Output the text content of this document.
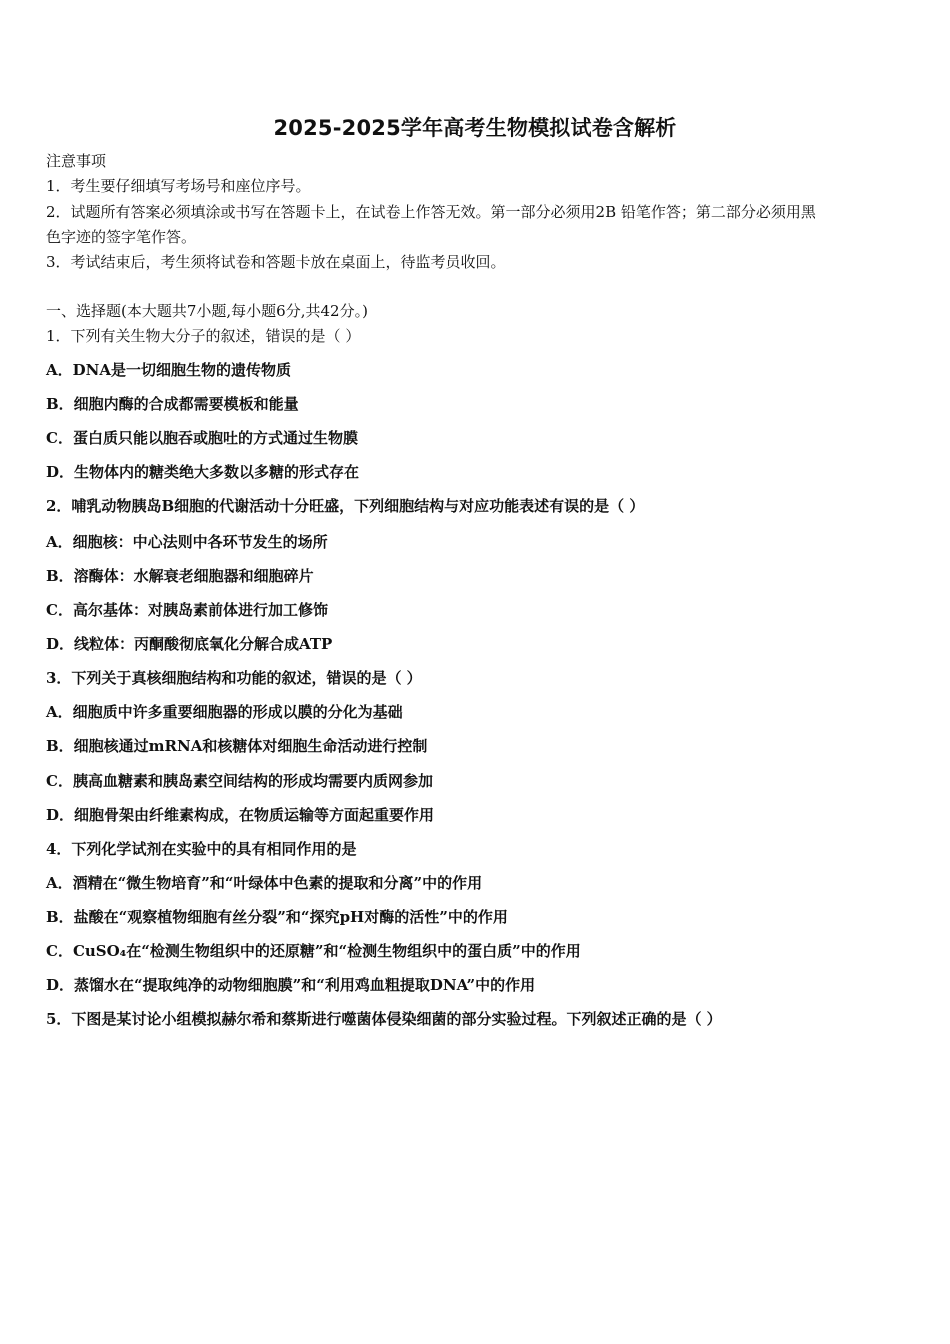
2025-2025学年高考生物模拟试卷含解析
注意事项
1．考生要仔细填写考场号和座位序号。
2．试题所有答案必须填涂或书写在答题卡上，在试卷上作答无效。第一部分必须用2B 铅笔作答；第二部分必须用黑
色字迹的签字笔作答。
3．考试结束后，考生须将试卷和答题卡放在桌面上，待监考员收回。
一、选择题(本大题共7小题,每小题6分,共42分。)
1．下列有关生物大分子的叙述，错误的是（ ）
A．DNA是一切细胞生物的遗传物质
B．细胞内酶的合成都需要模板和能量
C．蛋白质只能以胞吞或胞吐的方式通过生物膜
D．生物体内的糖类绝大多数以多糖的形式存在
2．哺乳动物胰岛B细胞的代谢活动十分旺盛，下列细胞结构与对应功能表述有误的是（ ）
A．细胞核：中心法则中各环节发生的场所
B．溶酶体：水解衰老细胞器和细胞碎片
C．高尔基体：对胰岛素前体进行加工修饰
D．线粒体：丙酮酸彻底氧化分解合成ATP
3．下列关于真核细胞结构和功能的叙述，错误的是（ ）
A．细胞质中许多重要细胞器的形成以膜的分化为基础
B．细胞核通过mRNA和核糖体对细胞生命活动进行控制
C．胰高血糖素和胰岛素空间结构的形成均需要内质网参加
D．细胞骨架由纤维素构成，在物质运输等方面起重要作用
4．下列化学试剂在实验中的具有相同作用的是
A．酒精在“微生物培育”和“叶绿体中色素的提取和分离”中的作用
B．盐酸在“观察植物细胞有丝分裂”和“探究pH对酶的活性”中的作用
C．CuSO₄在“检测生物组织中的还原糖”和“检测生物组织中的蛋白质”中的作用
D．蒸馏水在“提取纯净的动物细胞膜”和“利用鸡血粗提取DNA”中的作用
5．下图是某讨论小组模拟赫尔希和蔡斯进行噬菌体侵染细菌的部分实验过程。下列叙述正确的是（ ）
